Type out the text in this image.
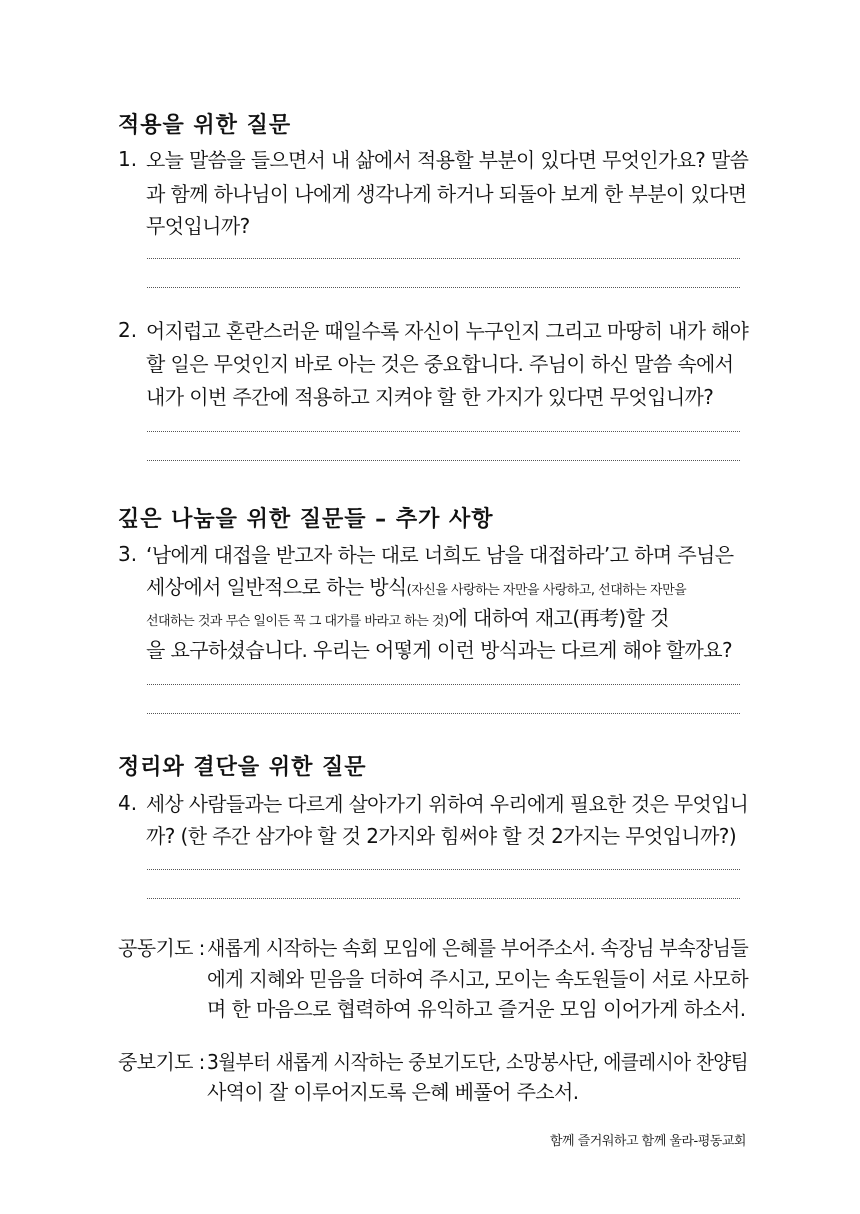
적용을 위한 질문
1. 오늘 말씀을 들으면서 내 삶에서 적용할 부분이 있다면 무엇인가요? 말씀
과 함께 하나님이 나에게 생각나게 하거나 되돌아 보게 한 부분이 있다면
무엇입니까?
2. 어지럽고 혼란스러운 때일수록 자신이 누구인지 그리고 마땅히 내가 해야
할 일은 무엇인지 바로 아는 것은 중요합니다. 주님이 하신 말씀 속에서
내가 이번 주간에 적용하고 지켜야 할 한 가지가 있다면 무엇입니까?
깊은 나눔을 위한 질문들 – 추가 사항
3. ‘남에게 대접을 받고자 하는 대로 너희도 남을 대접하라’고 하며 주님은
세상에서 일반적으로 하는 방식(자신을 사랑하는 자만을 사랑하고, 선대하는 자만을
선대하는 것과 무슨 일이든 꼭 그 대가를 바라고 하는 것)에 대하여 재고(再考)할 것
을 요구하셨습니다. 우리는 어떻게 이런 방식과는 다르게 해야 할까요?
정리와 결단을 위한 질문
4. 세상 사람들과는 다르게 살아가기 위하여 우리에게 필요한 것은 무엇입니
까? (한 주간 삼가야 할 것 2가지와 힘써야 할 것 2가지는 무엇입니까?)
공동기도 : 새롭게 시작하는 속회 모임에 은혜를 부어주소서. 속장님 부속장님들
에게 지혜와 믿음을 더하여 주시고, 모이는 속도원들이 서로 사모하
며 한 마음으로 협력하여 유익하고 즐거운 모임 이어가게 하소서.
중보기도 : 3월부터 새롭게 시작하는 중보기도단, 소망봉사단, 에클레시아 찬양팀
사역이 잘 이루어지도록 은혜 베풀어 주소서.
함께 즐거워하고 함께 울라-평동교회
